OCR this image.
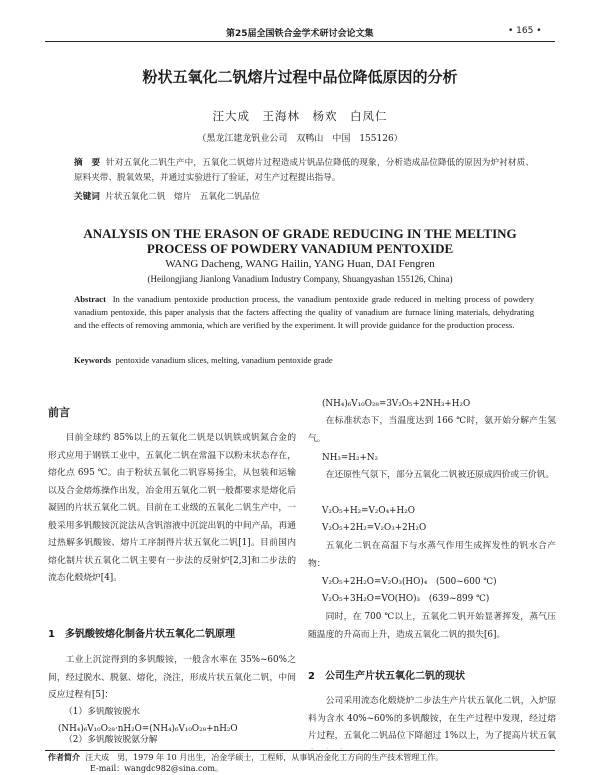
第25届全国铁合金学术研讨会论文集	• 165 •
粉状五氧化二钒熔片过程中品位降低原因的分析
汪大成　王海林　杨欢　白凤仁
（黑龙江建龙钒业公司　双鸭山　中国　155126）
摘　要 针对五氧化二钒生产中，五氧化二钒熔片过程造成片钒品位降低的现象，分析造成品位降低的原因为炉衬材质、原料夹带、脱氧效果，并通过实验进行了验证，对生产过程提出指导。
关键词 片状五氧化二钒　熔片　五氧化二钒品位
ANALYSIS ON THE ERASON OF GRADE REDUCING IN THE MELTING
PROCESS OF POWDERY VANADIUM PENTOXIDE
WANG Dacheng, WANG Hailin, YANG Huan, DAI Fengren
(Heilongjiang Jianlong Vanadium Industry Company, Shuangyashan 155126, China)
Abstract In the vanadium pentoxide production process, the vanadium pentoxide grade reduced in melting process of powdery vanadium pentoxide, this paper analysis that the facters affecting the quality of vanadium are furnace lining materials, dehydrating and the effects of removing ammonia, which are verified by the experiment. It will provide guidance for the production process.
Keywords pentoxide vanadium slices, melting, vanadium pentoxide grade
前言
目前全球约 85%以上的五氧化二钒是以钒铁或钒氮合金的形式应用于钢铁工业中，五氧化二钒在常温下以粉末状态存在，熔化点 695 ℃。由于粉状五氧化二钒容易扬尘，从包装和运输以及合金熔炼操作出发，冶金用五氧化二钒一般都要求是熔化后凝固的片状五氧化二钒。目前在工业级的五氧化二钒生产中，一般采用多钒酸铵沉淀法从含钒溶液中沉淀出钒的中间产品，再通过热解多钒酸铵、熔片工序制得片状五氧化二钒[1]。目前国内熔化制片状五氧化二钒主要有一步法的反射炉[2,3]和二步法的流态化煅烧炉[4]。
1　多钒酸铵熔化制备片状五氧化二钒原理
工业上沉淀得到的多钒酸铵，一般含水率在 35%~60%之间，经过脱水、脱氨、熔化，浇注，形成片状五氧化二钒，中间反应过程有[5]：
（1）多钒酸铵脱水
(NH₄)₆V₁₀O₂₈·nH₂O=(NH₄)₆V₁₀O₂₈+nH₂O
（2）多钒酸铵脱氨分解
(NH₄)₆V₁₀O₂₈=3V₂O₅+2NH₃+H₂O
在标准状态下，当温度达到 166 ℃时，氨开始分解产生氢气。
NH₃=H₂+N₂
在还原性气氛下，部分五氧化二钒被还原成四价或三价钒。
V₂O₅+H₂=V₂O₄+H₂O
V₂O₅+2H₂=V₂O₃+2H₂O
五氧化二钒在高温下与水蒸气作用生成挥发性的钒水合产物：
V₂O₅+2H₂O=V₂O₃(HO)₄　(500~600 ℃)
V₂O₅+3H₂O=VO(HO)₃　(639~899 ℃)
同时，在 700 ℃以上，五氧化二钒开始显著挥发，蒸气压随温度的升高而上升，造成五氧化二钒的损失[6]。
2　公司生产片状五氧化二钒的现状
公司采用流态化煅烧炉二步法生产片状五氧化二钒，入炉原料为含水 40%~60%的多钒酸铵，在生产过程中发现，经过熔片过程，五氧化二钒品位下降超过 1%以上，为了提高片状五氧
作者简介 汪大成　男，1979 年 10 月出生，冶金学硕士，工程师，从事钒冶金化工方向的生产技术管理工作。
E-mail：wangdc982@sina.com。
